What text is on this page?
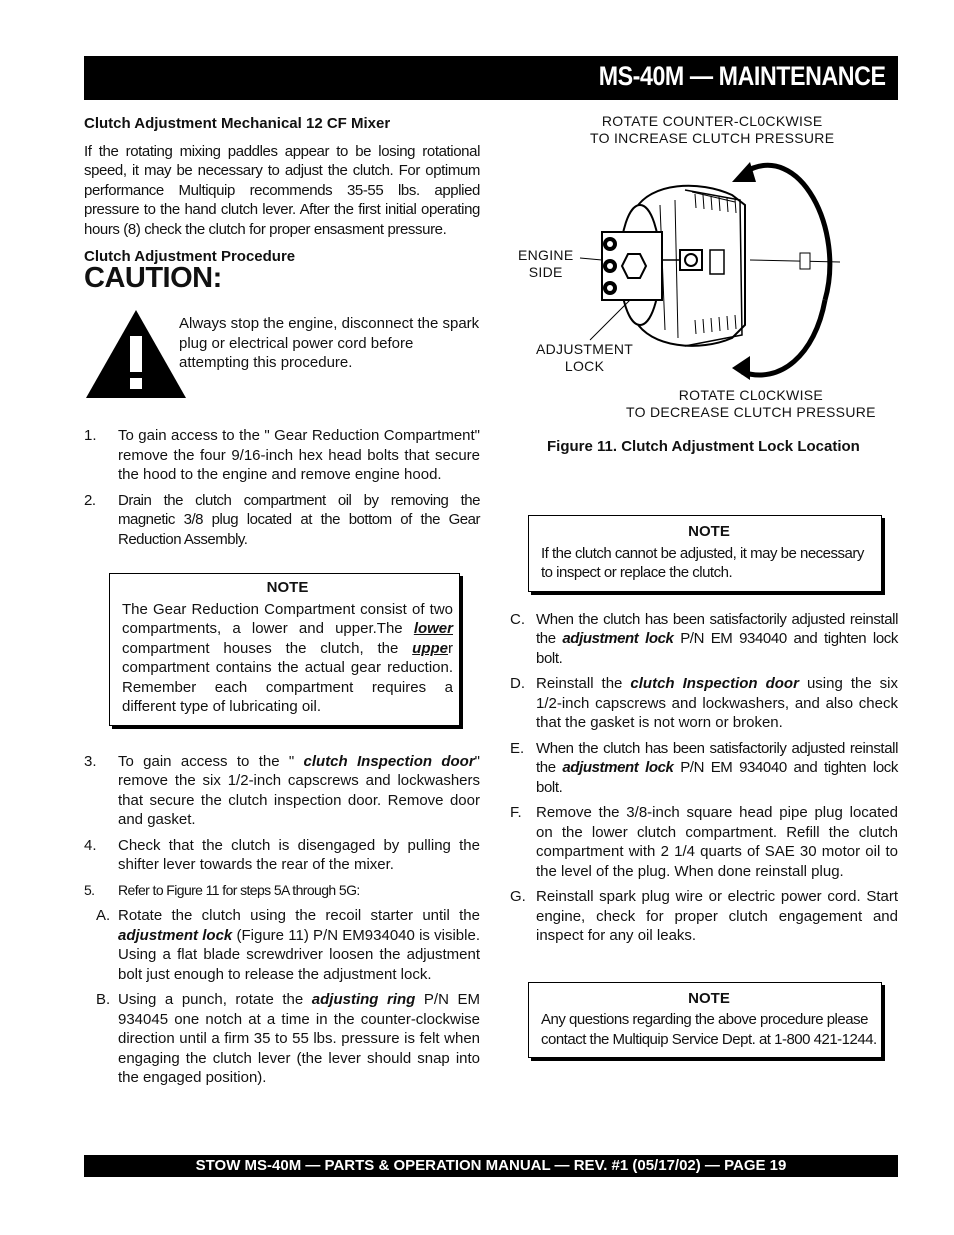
MS-40M — MAINTENANCE
Clutch Adjustment Mechanical 12 CF Mixer

If the rotating mixing paddles appear to be losing rotational speed, it may be necessary to adjust the clutch. For optimum performance Multiquip recommends 35-55 lbs. applied pressure to the hand clutch lever. After the first initial operating hours (8) check the clutch for proper ensasment pressure.

Clutch Adjustment Procedure
CAUTION:

Always stop the engine, disconnect the spark plug or electrical power cord before attempting this procedure.

1. To gain access to the " Gear Reduction Compartment" remove the four 9/16-inch hex head bolts that secure the hood to the engine and remove engine hood.

2. Drain the clutch compartment oil by removing the magnetic 3/8 plug located at the bottom of the Gear Reduction Assembly.

NOTE

The Gear Reduction Compartment consist of two compartments, a lower and upper.The lower compartment houses the clutch, the upper compartment contains the actual gear reduction. Remember each compartment requires a different type of lubricating oil.

3. To gain access to the " clutch Inspection door" remove the six 1/2-inch capscrews and lockwashers that secure the clutch inspection door. Remove door and gasket.

4. Check that the clutch is disengaged by pulling the shifter lever towards the rear of the mixer.

5. Refer to Figure 11 for steps 5A through 5G:

A. Rotate the clutch using the recoil starter until the adjustment lock (Figure 11) P/N EM934040 is visible. Using a flat blade screwdriver loosen the adjustment bolt just enough to release the adjustment lock.

B. Using a punch, rotate the adjusting ring P/N EM 934045 one notch at a time in the counter-clockwise direction until a firm 35 to 55 lbs. pressure is felt when engaging the clutch lever (the lever should snap into the engaged position).

ROTATE COUNTER-CL0CKWISE
TO INCREASE CLUTCH PRESSURE
ENGINE
SIDE
ADJUSTMENT
LOCK
ROTATE CL0CKWISE
TO DECREASE CLUTCH PRESSURE
Figure 11. Clutch Adjustment Lock Location
NOTE

If the clutch cannot be adjusted, it may be necessary to inspect or replace the clutch.

C. When the clutch has been satisfactorily adjusted reinstall the adjustment lock P/N EM 934040 and tighten lock bolt.

D. Reinstall the clutch Inspection door using the six 1/2-inch capscrews and lockwashers, and also check that the gasket is not worn or broken.

E. When the clutch has been satisfactorily adjusted reinstall the adjustment lock P/N EM 934040 and tighten lock bolt.

F. Remove the 3/8-inch square head pipe plug located on the lower clutch compartment. Refill the clutch compartment with 2 1/4 quarts of SAE 30 motor oil to the level of the plug. When done reinstall plug.

G. Reinstall spark plug wire or electric power cord. Start engine, check for proper clutch engagement and inspect for any oil leaks.

NOTE

Any questions regarding the above procedure please contact the Multiquip Service Dept. at 1-800 421-1244.

STOW MS-40M — PARTS & OPERATION MANUAL — REV. #1 (05/17/02) — PAGE 19
